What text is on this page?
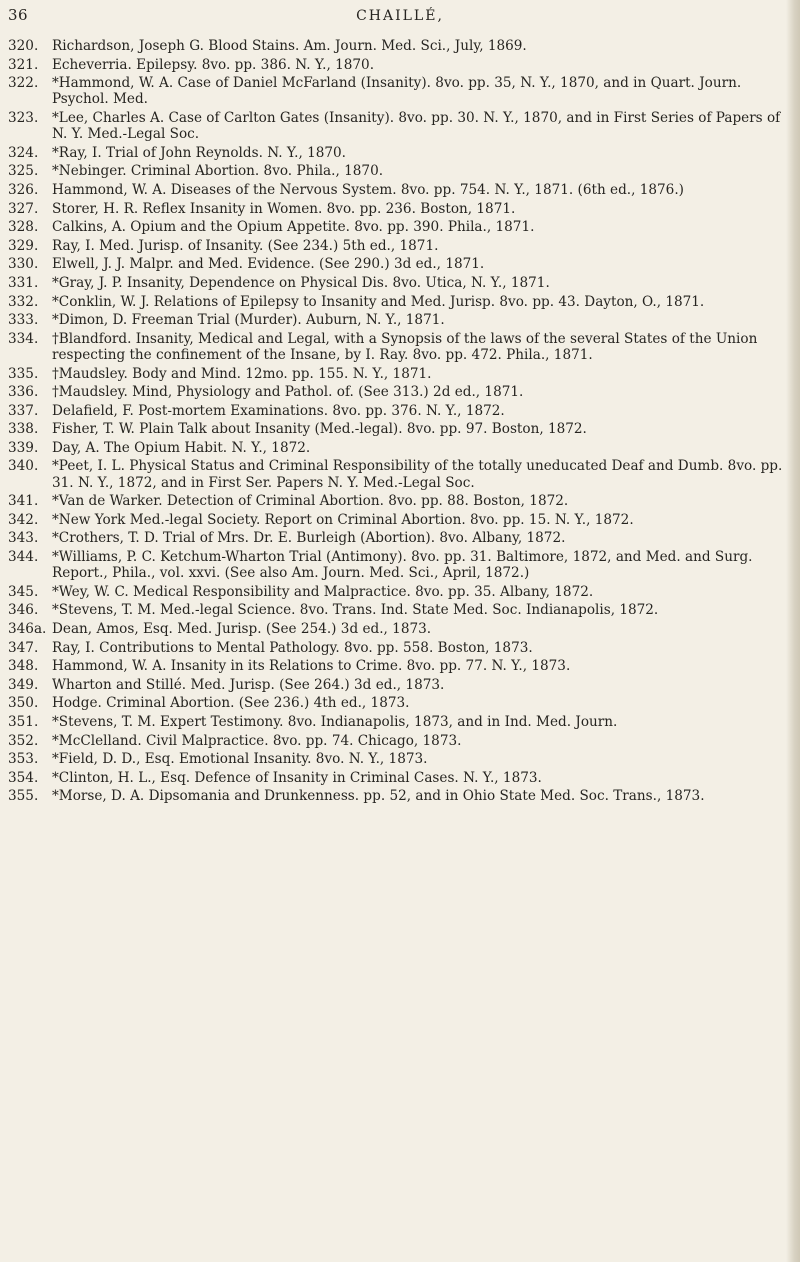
36	CHAILLÉ,
320.	Richardson, Joseph G. Blood Stains. Am. Journ. Med. Sci., July, 1869.
321.	Echeverria. Epilepsy. 8vo. pp. 386. N. Y., 1870.
322.	*Hammond, W. A. Case of Daniel McFarland (Insanity). 8vo. pp. 35, N. Y., 1870, and in Quart. Journ. Psychol. Med.
323.	*Lee, Charles A. Case of Carlton Gates (Insanity). 8vo. pp. 30. N. Y., 1870, and in First Series of Papers of N. Y. Med.-Legal Soc.
324.	*Ray, I. Trial of John Reynolds. N. Y., 1870.
325.	*Nebinger. Criminal Abortion. 8vo. Phila., 1870.
326.	Hammond, W. A. Diseases of the Nervous System. 8vo. pp. 754. N. Y., 1871. (6th ed., 1876.)
327.	Storer, H. R. Reflex Insanity in Women. 8vo. pp. 236. Boston, 1871.
328.	Calkins, A. Opium and the Opium Appetite. 8vo. pp. 390. Phila., 1871.
329.	Ray, I. Med. Jurisp. of Insanity. (See 234.) 5th ed., 1871.
330.	Elwell, J. J. Malpr. and Med. Evidence. (See 290.) 3d ed., 1871.
331.	*Gray, J. P. Insanity, Dependence on Physical Dis. 8vo. Utica, N. Y., 1871.
332.	*Conklin, W. J. Relations of Epilepsy to Insanity and Med. Jurisp. 8vo. pp. 43. Dayton, O., 1871.
333.	*Dimon, D. Freeman Trial (Murder). Auburn, N. Y., 1871.
334.	†Blandford. Insanity, Medical and Legal, with a Synopsis of the laws of the several States of the Union respecting the confinement of the Insane, by I. Ray. 8vo. pp. 472. Phila., 1871.
335.	†Maudsley. Body and Mind. 12mo. pp. 155. N. Y., 1871.
336.	†Maudsley. Mind, Physiology and Pathol. of. (See 313.) 2d ed., 1871.
337.	Delafield, F. Post-mortem Examinations. 8vo. pp. 376. N. Y., 1872.
338.	Fisher, T. W. Plain Talk about Insanity (Med.-legal). 8vo. pp. 97. Boston, 1872.
339.	Day, A. The Opium Habit. N. Y., 1872.
340.	*Peet, I. L. Physical Status and Criminal Responsibility of the totally uneducated Deaf and Dumb. 8vo. pp. 31. N. Y., 1872, and in First Ser. Papers N. Y. Med.-Legal Soc.
341.	*Van de Warker. Detection of Criminal Abortion. 8vo. pp. 88. Boston, 1872.
342.	*New York Med.-legal Society. Report on Criminal Abortion. 8vo. pp. 15. N. Y., 1872.
343.	*Crothers, T. D. Trial of Mrs. Dr. E. Burleigh (Abortion). 8vo. Albany, 1872.
344.	*Williams, P. C. Ketchum-Wharton Trial (Antimony). 8vo. pp. 31. Baltimore, 1872, and Med. and Surg. Report., Phila., vol. xxvi. (See also Am. Journ. Med. Sci., April, 1872.)
345.	*Wey, W. C. Medical Responsibility and Malpractice. 8vo. pp. 35. Albany, 1872.
346.	*Stevens, T. M. Med.-legal Science. 8vo. Trans. Ind. State Med. Soc. Indianapolis, 1872.
346a. Dean, Amos, Esq. Med. Jurisp. (See 254.) 3d ed., 1873.
347.	Ray, I. Contributions to Mental Pathology. 8vo. pp. 558. Boston, 1873.
348.	Hammond, W. A. Insanity in its Relations to Crime. 8vo. pp. 77. N. Y., 1873.
349.	Wharton and Stillé. Med. Jurisp. (See 264.) 3d ed., 1873.
350.	Hodge. Criminal Abortion. (See 236.) 4th ed., 1873.
351.	*Stevens, T. M. Expert Testimony. 8vo. Indianapolis, 1873, and in Ind. Med. Journ.
352.	*McClelland. Civil Malpractice. 8vo. pp. 74. Chicago, 1873.
353.	*Field, D. D., Esq. Emotional Insanity. 8vo. N. Y., 1873.
354.	*Clinton, H. L., Esq. Defence of Insanity in Criminal Cases. N. Y., 1873.
355.	*Morse, D. A. Dipsomania and Drunkenness. pp. 52, and in Ohio State Med. Soc. Trans., 1873.
